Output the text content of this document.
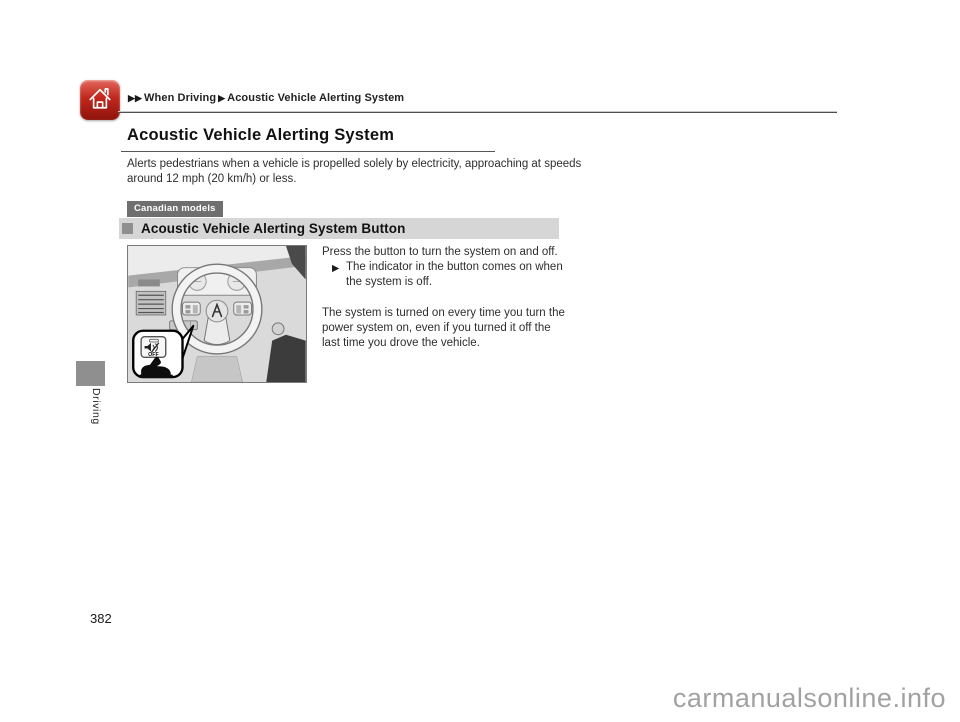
▶▶ When Driving ▶ Acoustic Vehicle Alerting System
Acoustic Vehicle Alerting System

Alerts pedestrians when a vehicle is propelled solely by electricity, approaching at speeds around 12 mph (20 km/h) or less.

Canadian models
Acoustic Vehicle Alerting System Button
OFF

Press the button to turn the system on and off.

▶ The indicator in the button comes on when the system is off.

The system is turned on every time you turn the power system on, even if you turned it off the last time you drove the vehicle.

Driving
382
carmanualsonline.info
